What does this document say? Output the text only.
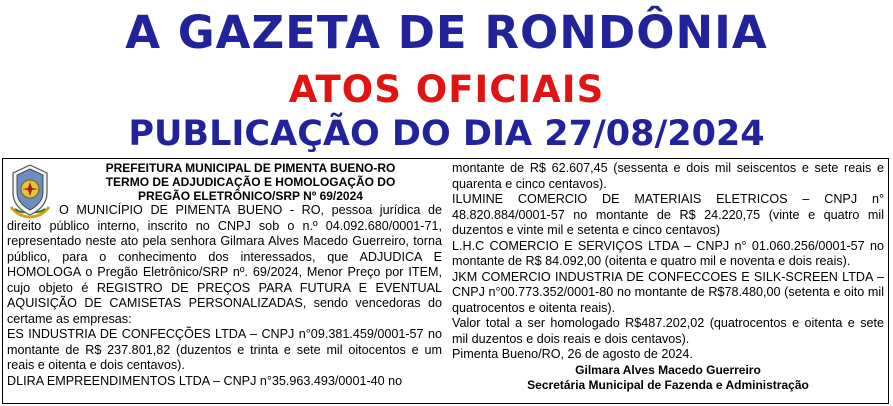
A GAZETA DE RONDÔNIA
ATOS OFICIAIS
PUBLICAÇÃO DO DIA 27/08/2024
PREFEITURA MUNICIPAL DE PIMENTA BUENO-RO
TERMO DE ADJUDICAÇÃO E HOMOLOGAÇÃO DO
PREGÃO ELETRÔNICO/SRP Nº 69/2024

O MUNICÍPIO DE PIMENTA BUENO - RO, pessoa jurídica de direito público interno, inscrito no CNPJ sob o n.º 04.092.680/0001-71, representado neste ato pela senhora Gilmara Alves Macedo Guerreiro, torna público, para o conhecimento dos interessados, que ADJUDICA E HOMOLOGA o Pregão Eletrônico/SRP nº. 69/2024, Menor Preço por ITEM, cujo objeto é REGISTRO DE PREÇOS PARA FUTURA E EVENTUAL AQUISIÇÃO DE CAMISETAS PERSONALIZADAS, sendo vencedoras do certame as empresas:

ES INDUSTRIA DE CONFECÇÕES LTDA – CNPJ n°09.381.459/0001-57 no montante de R$ 237.801,82 (duzentos e trinta e sete mil oitocentos e um reais e oitenta e dois centavos).

DLIRA EMPREENDIMENTOS LTDA – CNPJ n°35.963.493/0001-40 no

montante de R$ 62.607,45 (sessenta e dois mil seiscentos e sete reais e quarenta e cinco centavos).

ILUMINE COMERCIO DE MATERIAIS ELETRICOS – CNPJ n° 48.820.884/0001-57 no montante de R$ 24.220,75 (vinte e quatro mil duzentos e vinte mil e setenta e cinco centavos)

L.H.C COMERCIO E SERVIÇOS LTDA – CNPJ n° 01.060.256/0001-57 no montante de R$ 84.092,00 (oitenta e quatro mil e noventa e dois reais).

JKM COMERCIO INDUSTRIA DE CONFECCOES E SILK-SCREEN LTDA – CNPJ n°00.773.352/0001-80 no montante de R$78.480,00 (setenta e oito mil quatrocentos e oitenta reais).

Valor total a ser homologado R$487.202,02 (quatrocentos e oitenta e sete mil duzentos e dois reais e dois centavos).

Pimenta Bueno/RO, 26 de agosto de 2024.

Gilmara Alves Macedo Guerreiro

Secretária Municipal de Fazenda e Administração
